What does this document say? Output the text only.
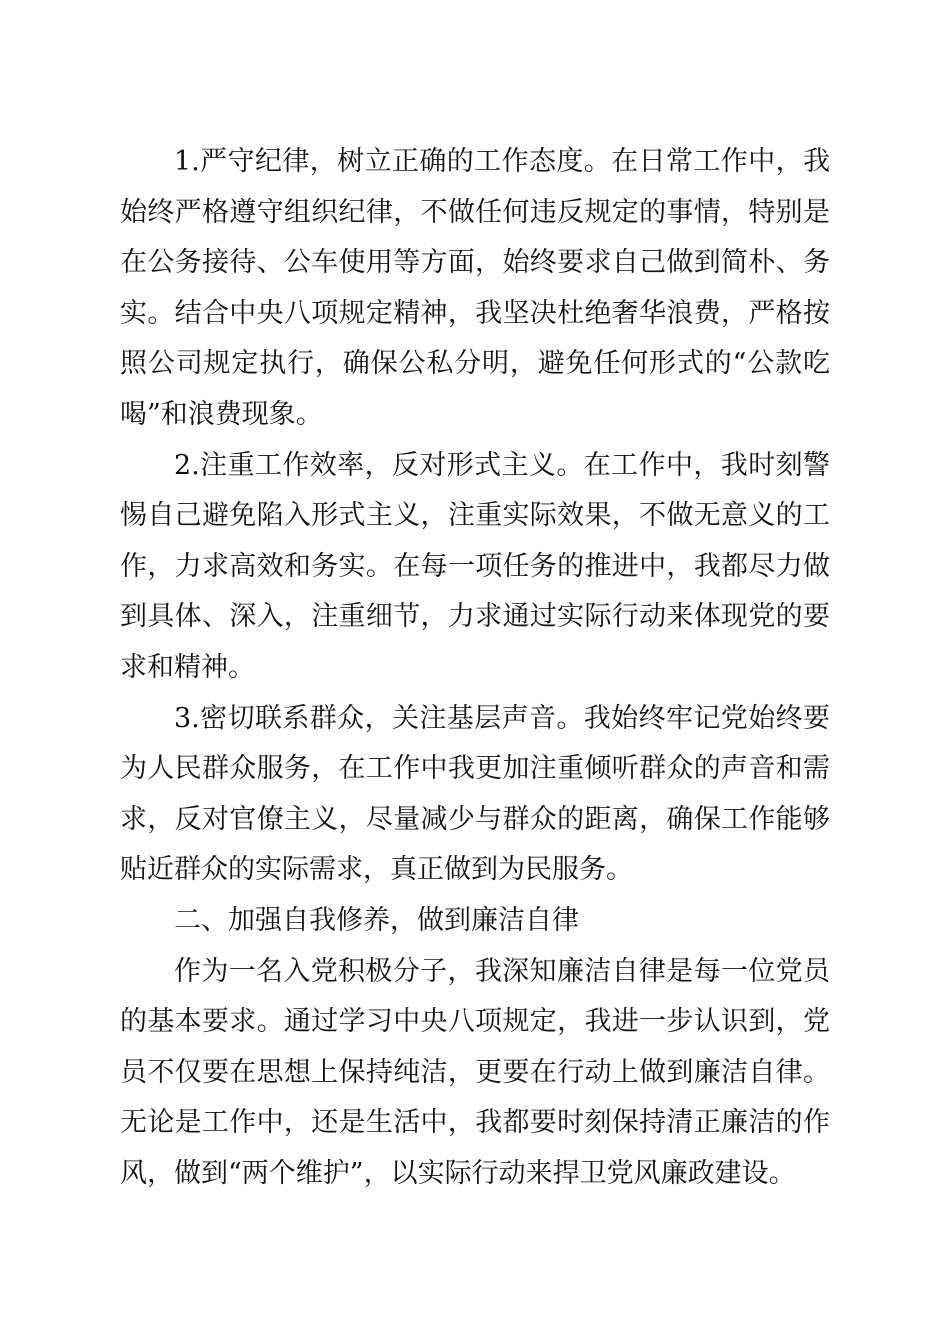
1.严守纪律，树立正确的工作态度。在日常工作中，我始终严格遵守组织纪律，不做任何违反规定的事情，特别是在公务接待、公车使用等方面，始终要求自己做到简朴、务实。结合中央八项规定精神，我坚决杜绝奢华浪费，严格按照公司规定执行，确保公私分明，避免任何形式的“公款吃喝”和浪费现象。

2.注重工作效率，反对形式主义。在工作中，我时刻警惕自己避免陷入形式主义，注重实际效果，不做无意义的工作，力求高效和务实。在每一项任务的推进中，我都尽力做到具体、深入，注重细节，力求通过实际行动来体现党的要求和精神。

3.密切联系群众，关注基层声音。我始终牢记党始终要为人民群众服务，在工作中我更加注重倾听群众的声音和需求，反对官僚主义，尽量减少与群众的距离，确保工作能够贴近群众的实际需求，真正做到为民服务。

二、加强自我修养，做到廉洁自律

作为一名入党积极分子，我深知廉洁自律是每一位党员的基本要求。通过学习中央八项规定，我进一步认识到，党员不仅要在思想上保持纯洁，更要在行动上做到廉洁自律。无论是工作中，还是生活中，我都要时刻保持清正廉洁的作风，做到“两个维护”，以实际行动来捍卫党风廉政建设。
